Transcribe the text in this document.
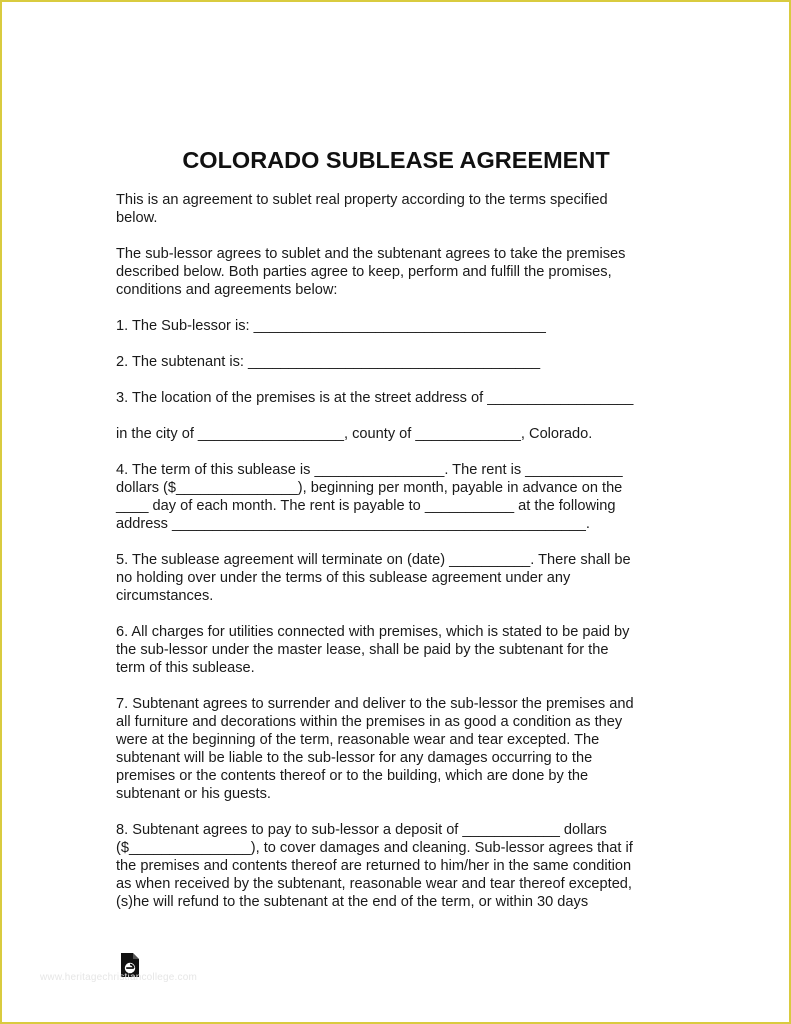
COLORADO SUBLEASE AGREEMENT

This is an agreement to sublet real property according to the terms specified
below.

The sub-lessor agrees to sublet and the subtenant agrees to take the premises
described below. Both parties agree to keep, perform and fulfill the promises,
conditions and agreements below:

1. The Sub-lessor is: ____________________________________

2. The subtenant is: ____________________________________

3. The location of the premises is at the street address of __________________

in the city of __________________, county of _____________, Colorado.

4. The term of this sublease is ________________. The rent is ____________
dollars ($_______________), beginning per month, payable in advance on the
____ day of each month. The rent is payable to ___________ at the following
address ___________________________________________________.

5. The sublease agreement will terminate on (date) __________. There shall be
no holding over under the terms of this sublease agreement under any
circumstances.

6. All charges for utilities connected with premises, which is stated to be paid by
the sub-lessor under the master lease, shall be paid by the subtenant for the
term of this sublease.

7. Subtenant agrees to surrender and deliver to the sub-lessor the premises and
all furniture and decorations within the premises in as good a condition as they
were at the beginning of the term, reasonable wear and tear excepted. The
subtenant will be liable to the sub-lessor for any damages occurring to the
premises or the contents thereof or to the building, which are done by the
subtenant or his guests.

8. Subtenant agrees to pay to sub-lessor a deposit of ____________ dollars
($_______________), to cover damages and cleaning. Sub-lessor agrees that if
the premises and contents thereof are returned to him/her in the same condition
as when received by the subtenant, reasonable wear and tear thereof excepted,
(s)he will refund to the subtenant at the end of the term, or within 30 days

www.heritagechristiancollege.com
